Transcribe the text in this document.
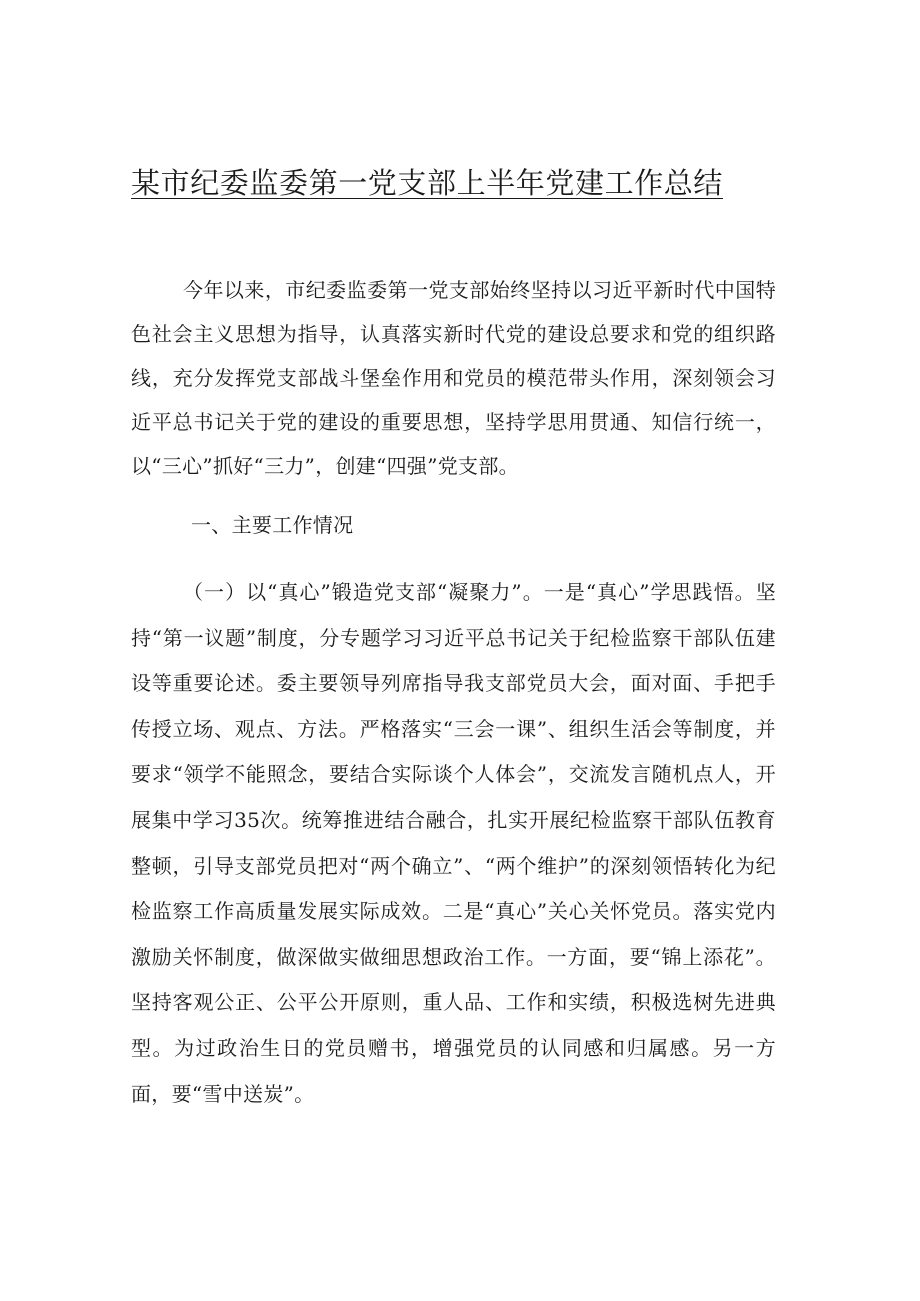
某市纪委监委第一党支部上半年党建工作总结

今年以来，市纪委监委第一党支部始终坚持以习近平新时代中国特色社会主义思想为指导，认真落实新时代党的建设总要求和党的组织路线，充分发挥党支部战斗堡垒作用和党员的模范带头作用，深刻领会习近平总书记关于党的建设的重要思想，坚持学思用贯通、知信行统一，以“三心”抓好“三力”，创建“四强”党支部。

一、主要工作情况

（一）以“真心”锻造党支部“凝聚力”。一是“真心”学思践悟。坚持“第一议题”制度，分专题学习习近平总书记关于纪检监察干部队伍建设等重要论述。委主要领导列席指导我支部党员大会，面对面、手把手传授立场、观点、方法。严格落实“三会一课”、组织生活会等制度，并要求“领学不能照念，要结合实际谈个人体会”，交流发言随机点人，开展集中学习35次。统筹推进结合融合，扎实开展纪检监察干部队伍教育整顿，引导支部党员把对“两个确立”、“两个维护”的深刻领悟转化为纪检监察工作高质量发展实际成效。二是“真心”关心关怀党员。落实党内激励关怀制度，做深做实做细思想政治工作。一方面，要“锦上添花”。坚持客观公正、公平公开原则，重人品、工作和实绩，积极选树先进典型。为过政治生日的党员赠书，增强党员的认同感和归属感。另一方面，要“雪中送炭”。
